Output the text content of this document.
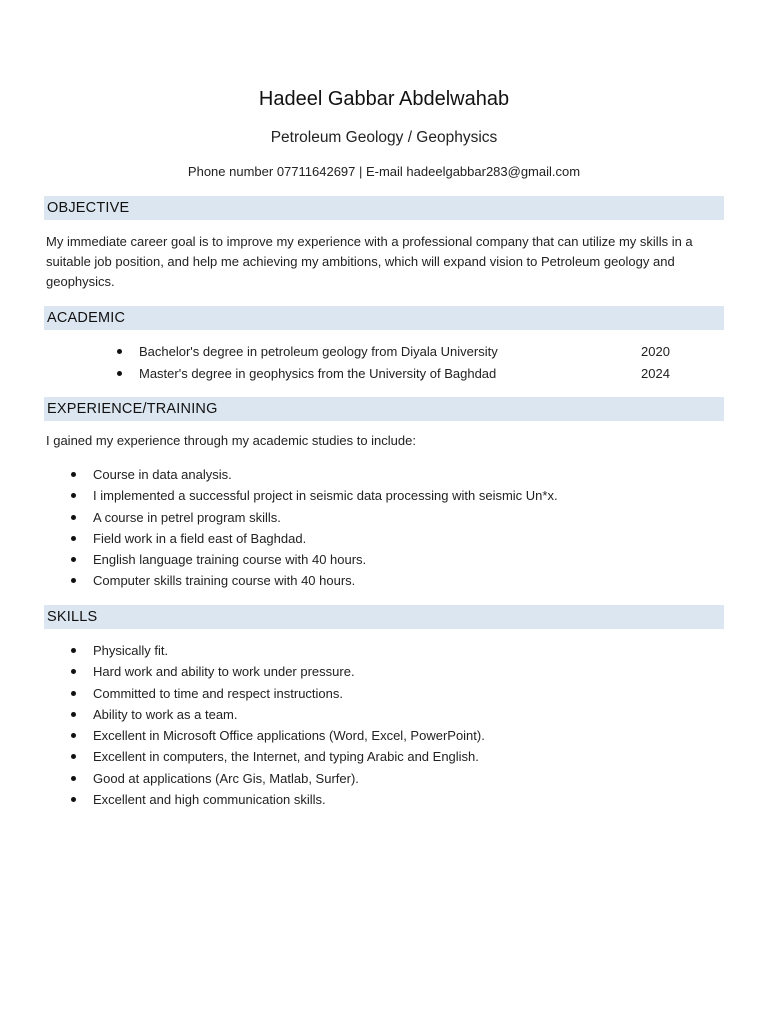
Hadeel Gabbar Abdelwahab
Petroleum Geology / Geophysics
Phone number 07711642697 | E-mail hadeelgabbar283@gmail.com
OBJECTIVE
My immediate career goal is to improve my experience with a professional company that can utilize my skills in a suitable job position, and help me achieving my ambitions, which will expand vision to Petroleum geology and geophysics.
ACADEMIC
Bachelor's degree in petroleum geology from Diyala University	2020
Master's degree in geophysics from the University of Baghdad	2024
EXPERIENCE/TRAINING
I gained my experience through my academic studies to include:
Course in data analysis.
I implemented a successful project in seismic data processing with seismic Un*x.
A course in petrel program skills.
Field work in a field east of Baghdad.
English language training course with 40 hours.
Computer skills training course with 40 hours.
SKILLS
Physically fit.
Hard work and ability to work under pressure.
Committed to time and respect instructions.
Ability to work as a team.
Excellent in Microsoft Office applications (Word, Excel, PowerPoint).
Excellent in computers, the Internet, and typing Arabic and English.
Good at applications (Arc Gis, Matlab, Surfer).
Excellent and high communication skills.
